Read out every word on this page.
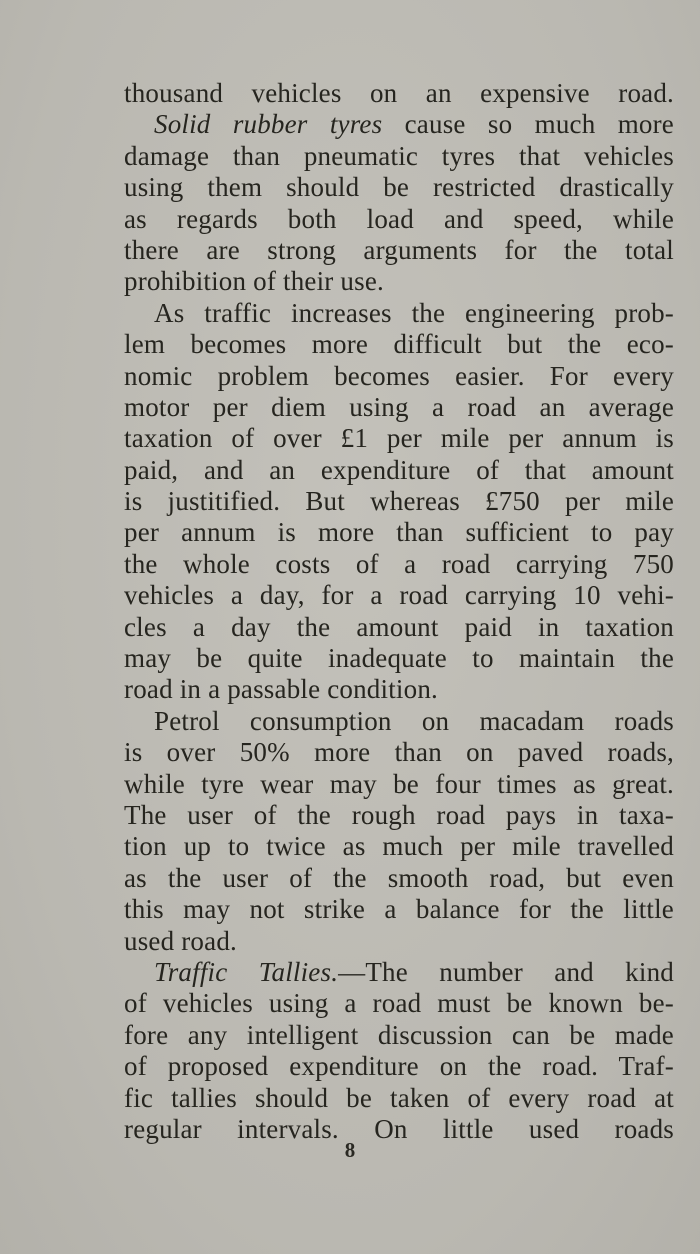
thousand vehicles on an expensive road.
Solid rubber tyres cause so much more
damage than pneumatic tyres that vehicles
using them should be restricted drastically
as regards both load and speed, while
there are strong arguments for the total
prohibition of their use.
As traffic increases the engineering prob-
lem becomes more difficult but the eco-
nomic problem becomes easier. For every
motor per diem using a road an average
taxation of over £1 per mile per annum is
paid, and an expenditure of that amount
is justitified. But whereas £750 per mile
per annum is more than sufficient to pay
the whole costs of a road carrying 750
vehicles a day, for a road carrying 10 vehi-
cles a day the amount paid in taxation
may be quite inadequate to maintain the
road in a passable condition.
Petrol consumption on macadam roads
is over 50% more than on paved roads,
while tyre wear may be four times as great.
The user of the rough road pays in taxa-
tion up to twice as much per mile travelled
as the user of the smooth road, but even
this may not strike a balance for the little
used road.
Traffic Tallies.—The number and kind
of vehicles using a road must be known be-
fore any intelligent discussion can be made
of proposed expenditure on the road. Traf-
fic tallies should be taken of every road at
regular intervals. On little used roads
8
